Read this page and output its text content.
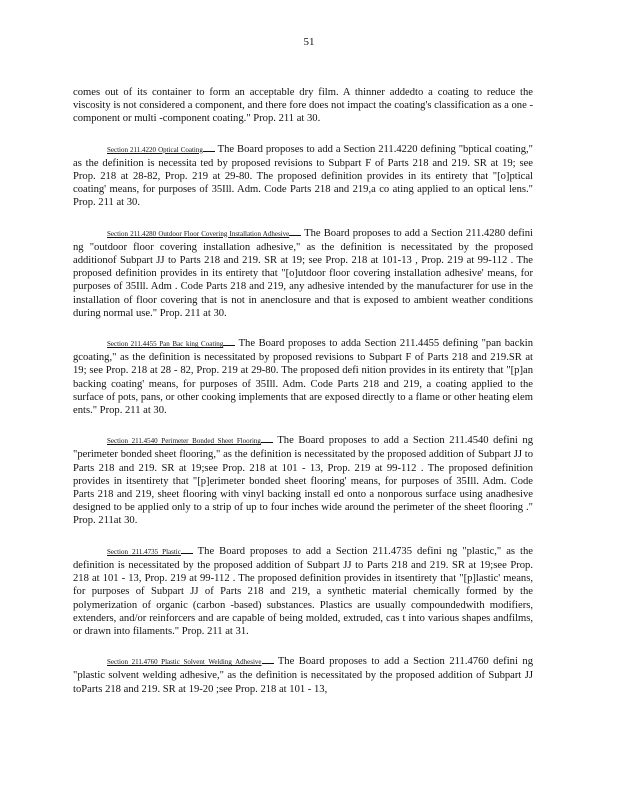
51

comes out of its container to form an acceptable dry film. A thinner addedto a coating to reduce the viscosity is not considered a component, and there fore does not impact the coating's classification as a one -component or multi -component coating." Prop. 211 at 30.

Section 211.4220 Optical Coating The Board proposes to add a Section 211.4220 defining "bptical coating," as the definition is necessita ted by proposed revisions to Subpart F of Parts 218 and 219. SR at 19; see Prop. 218 at 28-82, Prop. 219 at 29-80. The proposed definition provides in its entirety that "[o]ptical coating' means, for purposes of 35Ill. Adm. Code Parts 218 and 219,a co ating applied to an optical lens." Prop. 211 at 30.

Section 211.4280 Outdoor Floor Covering Installation Adhesive The Board proposes to add a Section 211.4280 defini ng "outdoor floor covering installation adhesive," as the definition is necessitated by the proposed additionof Subpart JJ to Parts 218 and 219. SR at 19; see Prop. 218 at 101-13 , Prop. 219 at 99-112 . The proposed definition provides in its entirety that "[o]utdoor floor covering installation adhesive' means, for purposes of 35Ill. Adm . Code Parts 218 and 219, any adhesive intended by the manufacturer for use in the installation of floor covering that is not in anenclosure and that is exposed to ambient weather conditions during normal use." Prop. 211 at 30.

Section 211.4455 Pan Bac king Coating The Board proposes to adda Section 211.4455 defining "pan backin gcoating," as the definition is necessitated by proposed revisions to Subpart F of Parts 218 and 219.SR at 19; see Prop. 218 at 28 - 82, Prop. 219 at 29-80. The proposed defi nition provides in its entirety that "[p]an backing coating' means, for purposes of 35Ill. Adm. Code Parts 218 and 219, a coating applied to the surface of pots, pans, or other cooking implements that are exposed directly to a flame or other heating elem ents." Prop. 211 at 30.

Section 211.4540 Perimeter Bonded Sheet Flooring The Board proposes to add a Section 211.4540 defini ng "perimeter bonded sheet flooring," as the definition is necessitated by the proposed addition of Subpart JJ to Parts 218 and 219. SR at 19;see Prop. 218 at 101 - 13, Prop. 219 at 99-112 . The proposed definition provides in itsentirety that "[p]erimeter bonded sheet flooring' means, for purposes of 35Ill. Adm. Code Parts 218 and 219, sheet flooring with vinyl backing install ed onto a nonporous surface using anadhesive designed to be applied only to a strip of up to four inches wide around the perimeter of the sheet flooring ." Prop. 211at 30.

Section 211.4735 Plastic The Board proposes to add a Section 211.4735 defini ng "plastic," as the definition is necessitated by the proposed addition of Subpart JJ to Parts 218 and 219. SR at 19;see Prop. 218 at 101 - 13, Prop. 219 at 99-112 . The proposed definition provides in itsentirety that "[p]lastic' means, for purposes of Subpart JJ of Parts 218 and 219, a synthetic material chemically formed by the polymerization of organic (carbon -based) substances. Plastics are usually compoundedwith modifiers, extenders, and/or reinforcers and are capable of being molded, extruded, cas t into various shapes andfilms, or drawn into filaments." Prop. 211 at 31.

Section 211.4760 Plastic Solvent Welding Adhesive The Board proposes to add a Section 211.4760 defini ng "plastic solvent welding adhesive," as the definition is necessitated by the proposed addition of Subpart JJ toParts 218 and 219. SR at 19-20 ;see Prop. 218 at 101 - 13,
